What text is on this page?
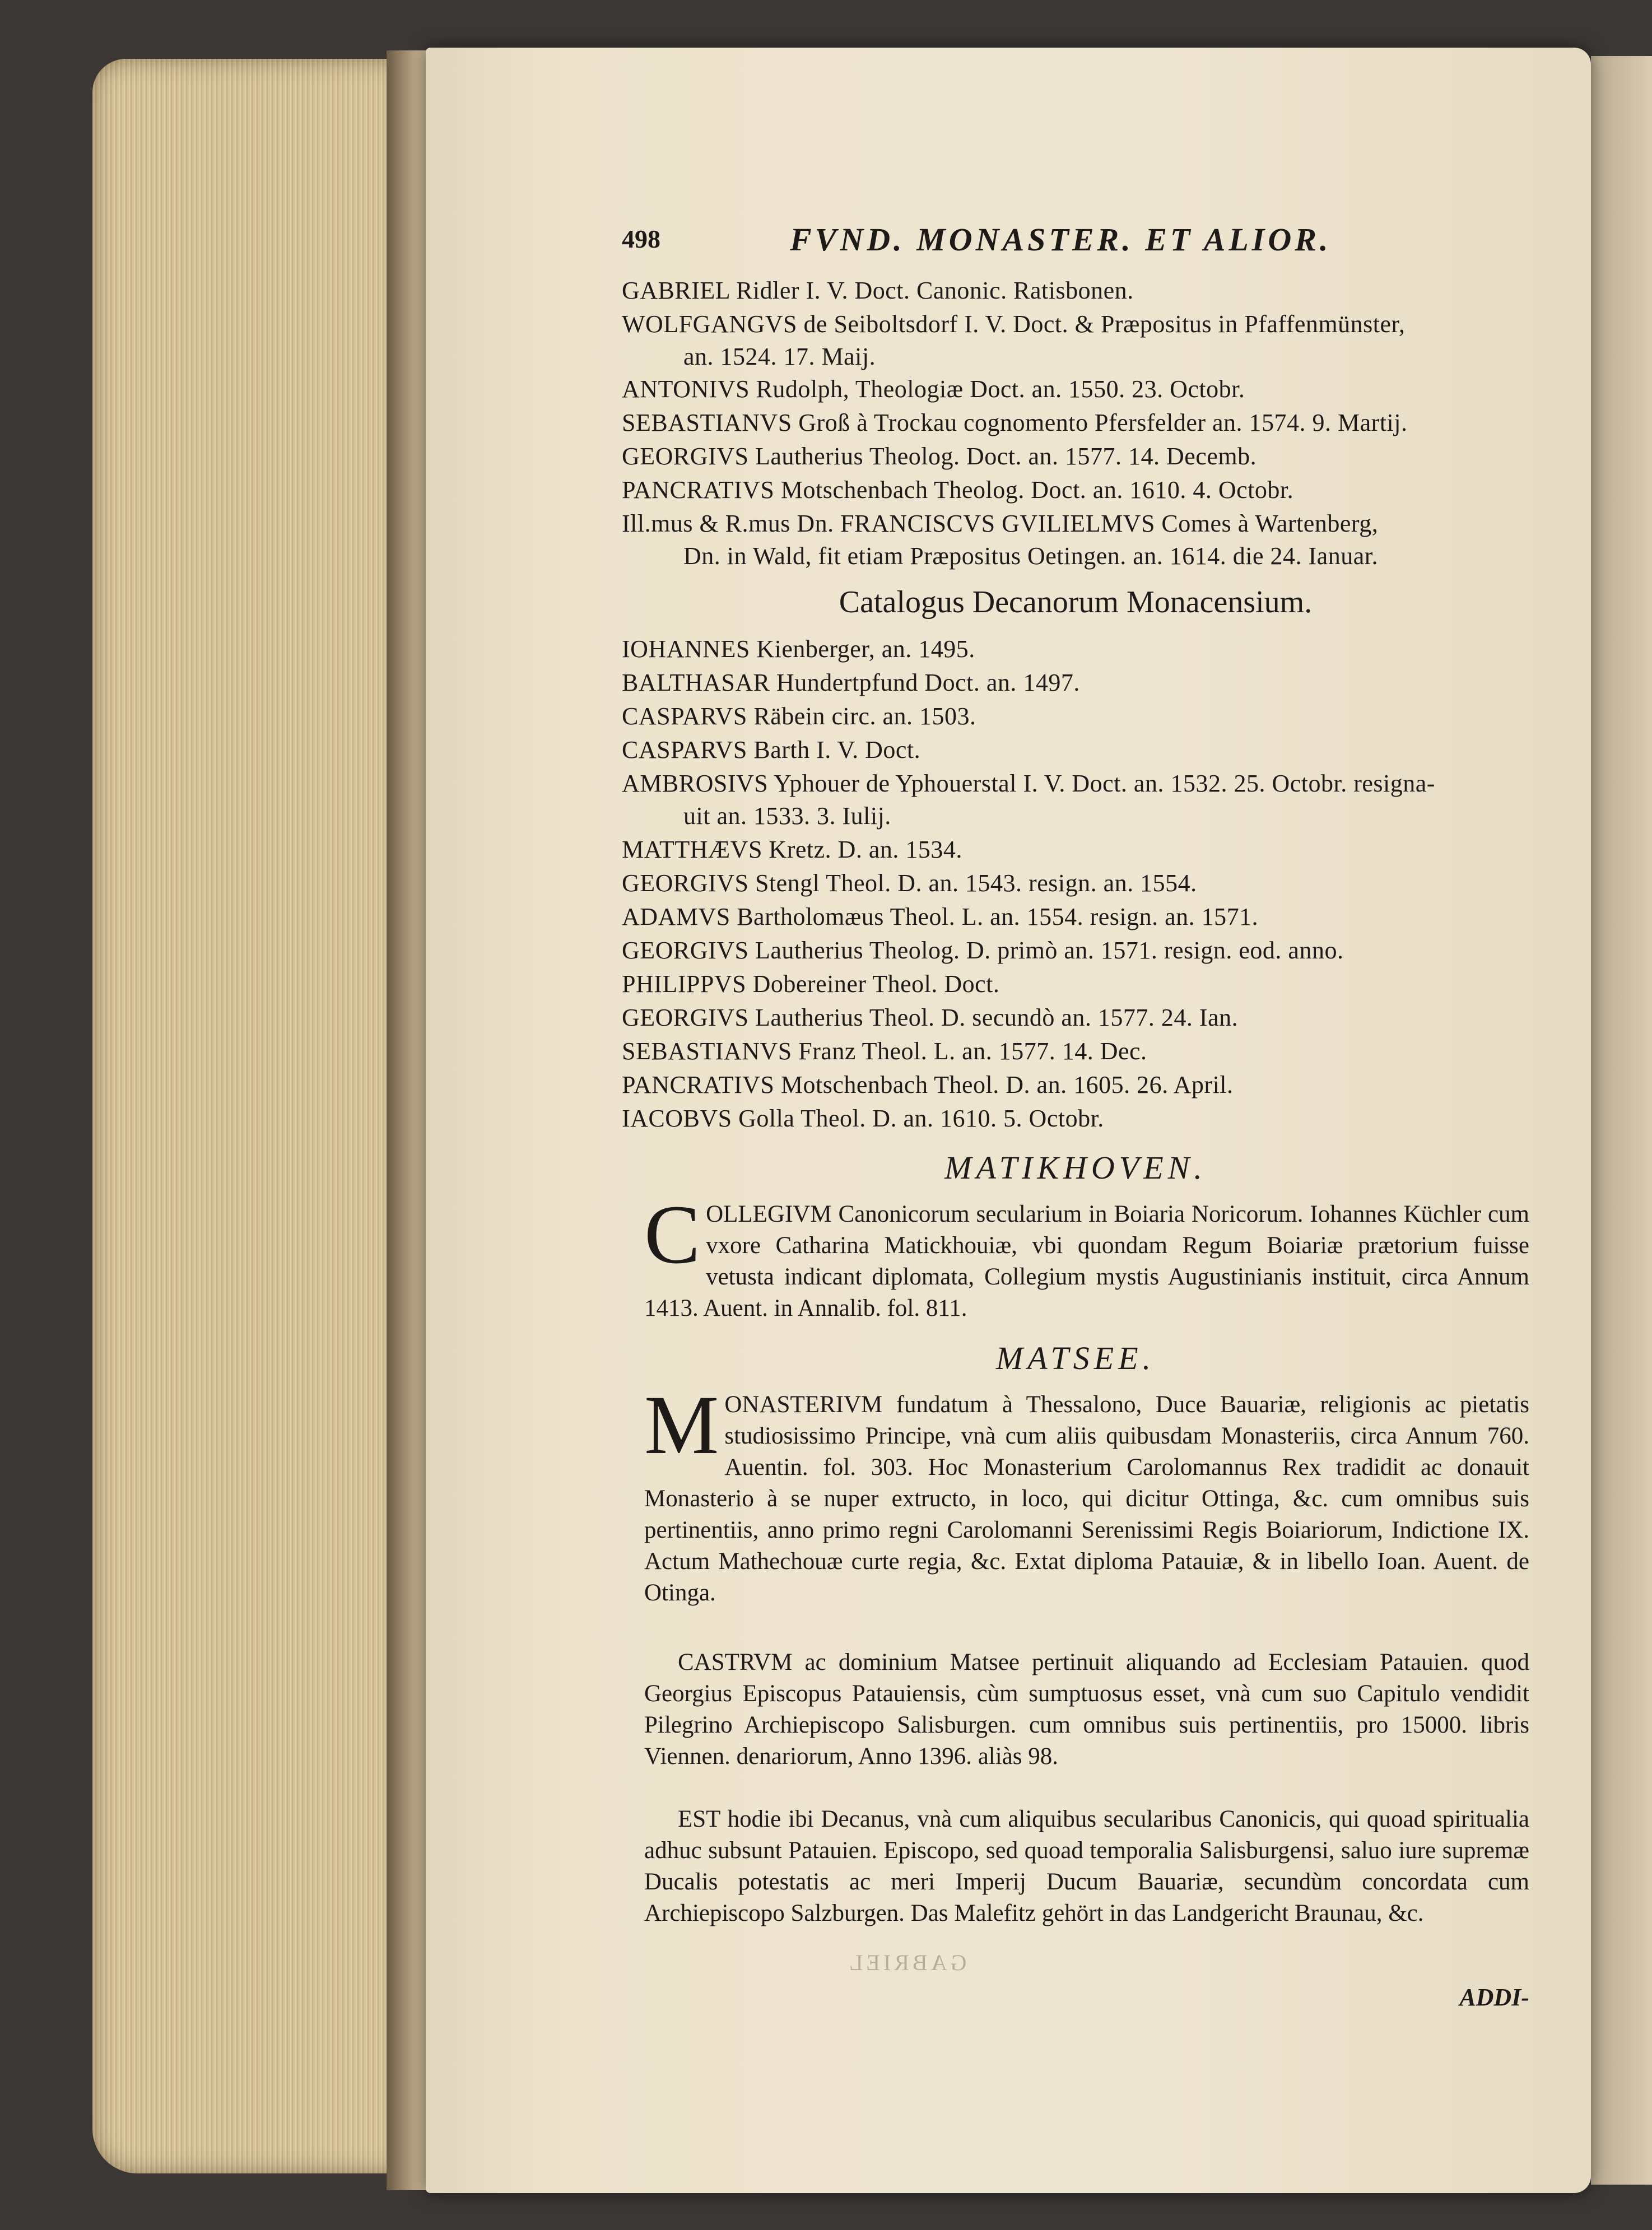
498	FVND. MONASTER. ET ALIOR.
GABRIEL Ridler I. V. Doct. Canonic. Ratisbonen.
WOLFGANGVS de Seiboltsdorf I. V. Doct. & Præpositus in Pfaffenmünster,
an. 1524. 17. Maij.
ANTONIVS Rudolph, Theologiæ Doct. an. 1550. 23. Octobr.
SEBASTIANVS Groß à Trockau cognomento Pfersfelder an. 1574. 9. Martij.
GEORGIVS Lautherius Theolog. Doct. an. 1577. 14. Decemb.
PANCRATIVS Motschenbach Theolog. Doct. an. 1610. 4. Octobr.
Ill.mus & R.mus Dn. FRANCISCVS GVILIELMVS Comes à Wartenberg,
Dn. in Wald, fit etiam Præpositus Oetingen. an. 1614. die 24. Ianuar.
Catalogus Decanorum Monacensium.
IOHANNES Kienberger, an. 1495.
BALTHASAR Hundertpfund Doct. an. 1497.
CASPARVS Räbein circ. an. 1503.
CASPARVS Barth I. V. Doct.
AMBROSIVS Yphouer de Yphouerstal I. V. Doct. an. 1532. 25. Octobr. resigna-
uit an. 1533. 3. Iulij.
MATTHÆVS Kretz. D. an. 1534.
GEORGIVS Stengl Theol. D. an. 1543. resign. an. 1554.
ADAMVS Bartholomæus Theol. L. an. 1554. resign. an. 1571.
GEORGIVS Lautherius Theolog. D. primò an. 1571. resign. eod. anno.
PHILIPPVS Dobereiner Theol. Doct.
GEORGIVS Lautherius Theol. D. secundò an. 1577. 24. Ian.
SEBASTIANVS Franz Theol. L. an. 1577. 14. Dec.
PANCRATIVS Motschenbach Theol. D. an. 1605. 26. April.
IACOBVS Golla Theol. D. an. 1610. 5. Octobr.
MATIKHOVEN.
C OLLEGIVM Canonicorum secularium in Boiaria Noricorum. Iohannes Küchler cum vxore Catharina Matickhouiæ, vbi quondam Regum Boiariæ prætorium fuisse vetusta indicant diplomata, Collegium mystis Augustinianis instituit, circa Annum 1413. Auent. in Annalib. fol. 811.
MATSEE.
M ONASTERIVM fundatum à Thessalono, Duce Bauariæ, religionis ac pietatis studiosissimo Principe, vnà cum aliis quibusdam Monasteriis, circa Annum 760. Auentin. fol. 303. Hoc Monasterium Carolomannus Rex tradidit ac donauit Monasterio à se nuper extructo, in loco, qui dicitur Ottinga, &c. cum omnibus suis pertinentiis, anno primo regni Carolomanni Serenissimi Regis Boiariorum, Indictione IX. Actum Mathechouæ curte regia, &c. Extat diploma Patauiæ, & in libello Ioan. Auent. de Otinga.
CASTRVM ac dominium Matsee pertinuit aliquando ad Ecclesiam Patauien. quod Georgius Episcopus Patauiensis, cùm sumptuosus esset, vnà cum suo Capitulo vendidit Pilegrino Archiepiscopo Salisburgen. cum omnibus suis pertinentiis, pro 15000. libris Viennen. denariorum, Anno 1396. aliàs 98.
EST hodie ibi Decanus, vnà cum aliquibus secularibus Canonicis, qui quoad spiritualia adhuc subsunt Patauien. Episcopo, sed quoad temporalia Salisburgensi, saluo iure supremæ Ducalis potestatis ac meri Imperij Ducum Bauariæ, secundùm concordata cum Archiepiscopo Salzburgen. Das Malefitz gehört in das Landgericht Braunau, &c.
ADDI-
GABRIEL
